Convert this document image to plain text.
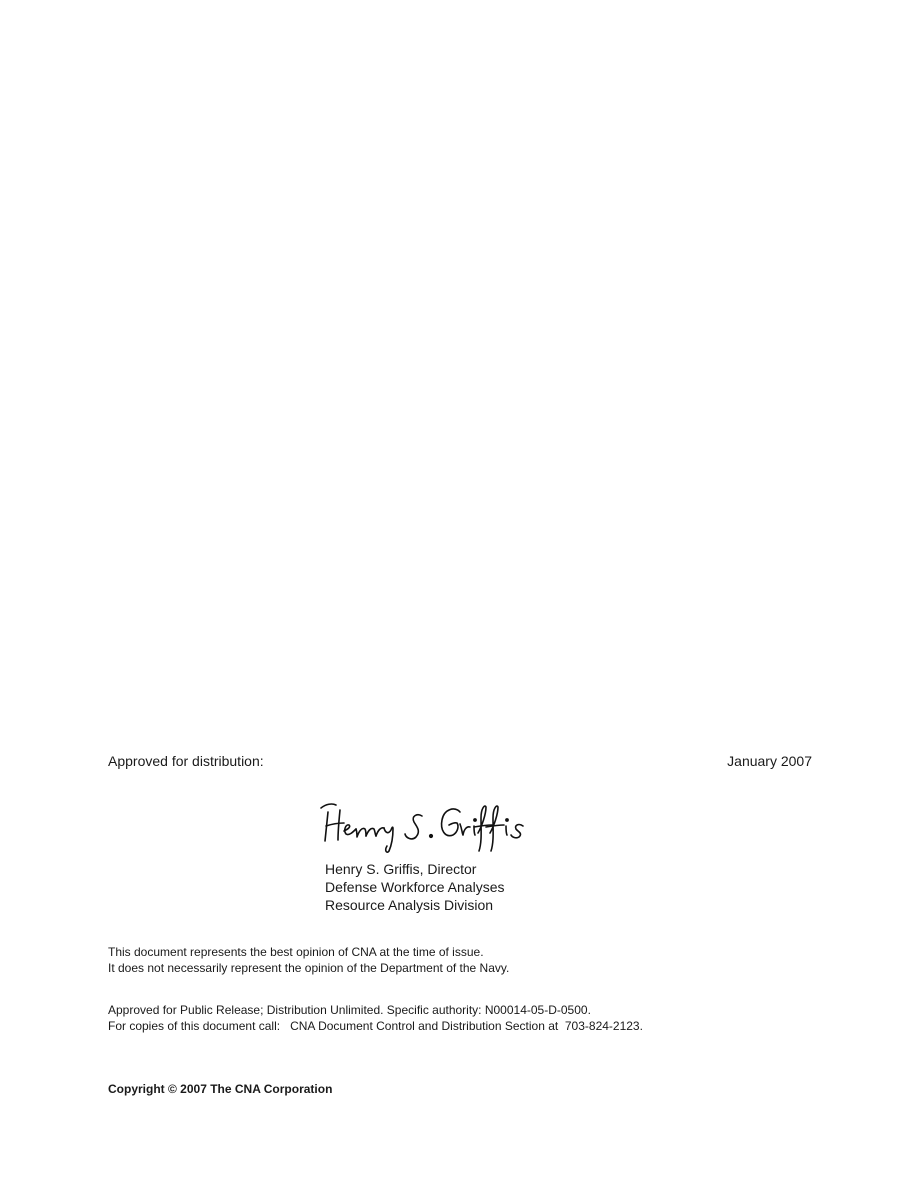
Approved for distribution:	January 2007
Henry S. Griffis, Director
Defense Workforce Analyses
Resource Analysis Division
This document represents the best opinion of CNA at the time of issue.
It does not necessarily represent the opinion of the Department of the Navy.
Approved for Public Release; Distribution Unlimited. Specific authority: N00014-05-D-0500.
For copies of this document call:   CNA Document Control and Distribution Section at  703-824-2123.
Copyright © 2007 The CNA Corporation
